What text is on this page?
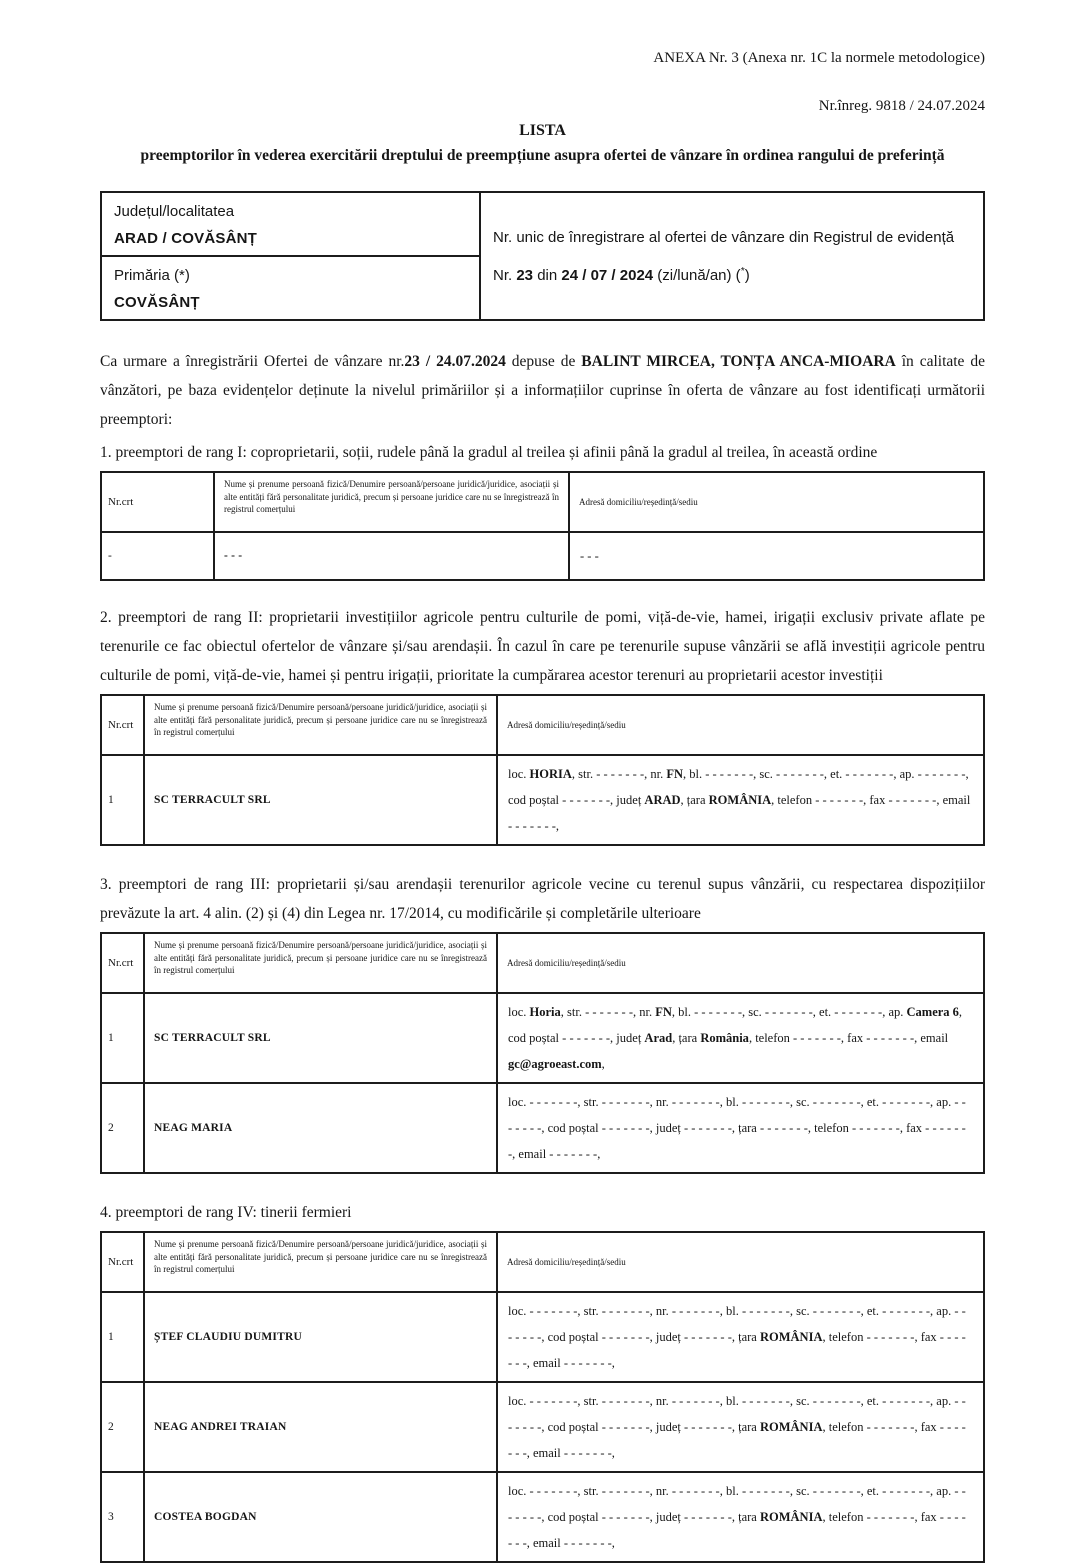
ANEXA Nr. 3 (Anexa nr. 1C la normele metodologice)
Nr.înreg. 9818 / 24.07.2024
LISTA
preemptorilor în vederea exercitării dreptului de preempțiune asupra ofertei de vânzare în ordinea rangului de preferință
Județul/localitatea
ARAD / COVĂSÂNȚ	Nr. unic de înregistrare al ofertei de vânzare din Registrul de evidență
Nr. 23 din 24 / 07 / 2024 (zi/lună/an) (*)

Primăria (*)
COVĂSÂNȚ

Ca urmare a înregistrării Ofertei de vânzare nr.23 / 24.07.2024 depuse de BALINT MIRCEA, TONȚA ANCA-MIOARA în calitate de vânzători, pe baza evidențelor deținute la nivelul primăriilor și a informațiilor cuprinse în oferta de vânzare au fost identificați următorii preemptori:

1. preemptori de rang I: coproprietarii, soții, rudele până la gradul al treilea și afinii până la gradul al treilea, în această ordine

Nr.crt	Nume și prenume persoană fizică/Denumire persoană/persoane juridică/juridice, asociații și alte entități fără personalitate juridică, precum și persoane juridice care nu se înregistrează în registrul comerțului	Adresă domiciliu/reședință/sediu
-	- - -	- - -

2. preemptori de rang II: proprietarii investițiilor agricole pentru culturile de pomi, viță-de-vie, hamei, irigații exclusiv private aflate pe terenurile ce fac obiectul ofertelor de vânzare și/sau arendașii. În cazul în care pe terenurile supuse vânzării se află investiții agricole pentru culturile de pomi, viță-de-vie, hamei și pentru irigații, prioritate la cumpărarea acestor terenuri au proprietarii acestor investiții

Nr.crt	Nume și prenume persoană fizică/Denumire persoană/persoane juridică/juridice, asociații și alte entități fără personalitate juridică, precum și persoane juridice care nu se înregistrează în registrul comerțului	Adresă domiciliu/reședință/sediu
1	SC TERRACULT SRL	loc. HORIA, str. - - - - - - -, nr. FN, bl. - - - - - - -, sc. - - - - - - -, et. - - - - - - -, ap. - - - - - - -, cod poștal - - - - - - -, județ ARAD, țara ROMÂNIA, telefon - - - - - - -, fax - - - - - - -, email - - - - - - -,

3. preemptori de rang III: proprietarii și/sau arendașii terenurilor agricole vecine cu terenul supus vânzării, cu respectarea dispozițiilor prevăzute la art. 4 alin. (2) și (4) din Legea nr. 17/2014, cu modificările și completările ulterioare

Nr.crt	Nume și prenume persoană fizică/Denumire persoană/persoane juridică/juridice, asociații și alte entități fără personalitate juridică, precum și persoane juridice care nu se înregistrează în registrul comerțului	Adresă domiciliu/reședință/sediu
1	SC TERRACULT SRL	loc. Horia, str. - - - - - - -, nr. FN, bl. - - - - - - -, sc. - - - - - - -, et. - - - - - - -, ap. Camera 6, cod poștal - - - - - - -, județ Arad, țara România, telefon - - - - - - -, fax - - - - - - -, email gc@agroeast.com,
2	NEAG MARIA	loc. - - - - - - -, str. - - - - - - -, nr. - - - - - - -, bl. - - - - - - -, sc. - - - - - - -, et. - - - - - - -, ap. - - - - - - -, cod poștal - - - - - - -, județ - - - - - - -, țara - - - - - - -, telefon - - - - - - -, fax - - - - - - -, email - - - - - - -,

4. preemptori de rang IV: tinerii fermieri

Nr.crt	Nume și prenume persoană fizică/Denumire persoană/persoane juridică/juridice, asociații și alte entități fără personalitate juridică, precum și persoane juridice care nu se înregistrează în registrul comerțului	Adresă domiciliu/reședință/sediu
1	ȘTEF CLAUDIU DUMITRU	loc. - - - - - - -, str. - - - - - - -, nr. - - - - - - -, bl. - - - - - - -, sc. - - - - - - -, et. - - - - - - -, ap. - - - - - - -, cod poștal - - - - - - -, județ - - - - - - -, țara ROMÂNIA, telefon - - - - - - -, fax - - - - - - -, email - - - - - - -,
2	NEAG ANDREI TRAIAN	loc. - - - - - - -, str. - - - - - - -, nr. - - - - - - -, bl. - - - - - - -, sc. - - - - - - -, et. - - - - - - -, ap. - - - - - - -, cod poștal - - - - - - -, județ - - - - - - -, țara ROMÂNIA, telefon - - - - - - -, fax - - - - - - -, email - - - - - - -,
3	COSTEA BOGDAN	loc. - - - - - - -, str. - - - - - - -, nr. - - - - - - -, bl. - - - - - - -, sc. - - - - - - -, et. - - - - - - -, ap. - - - - - - -, cod poștal - - - - - - -, județ - - - - - - -, țara ROMÂNIA, telefon - - - - - - -, fax - - - - - - -, email - - - - - - -,
